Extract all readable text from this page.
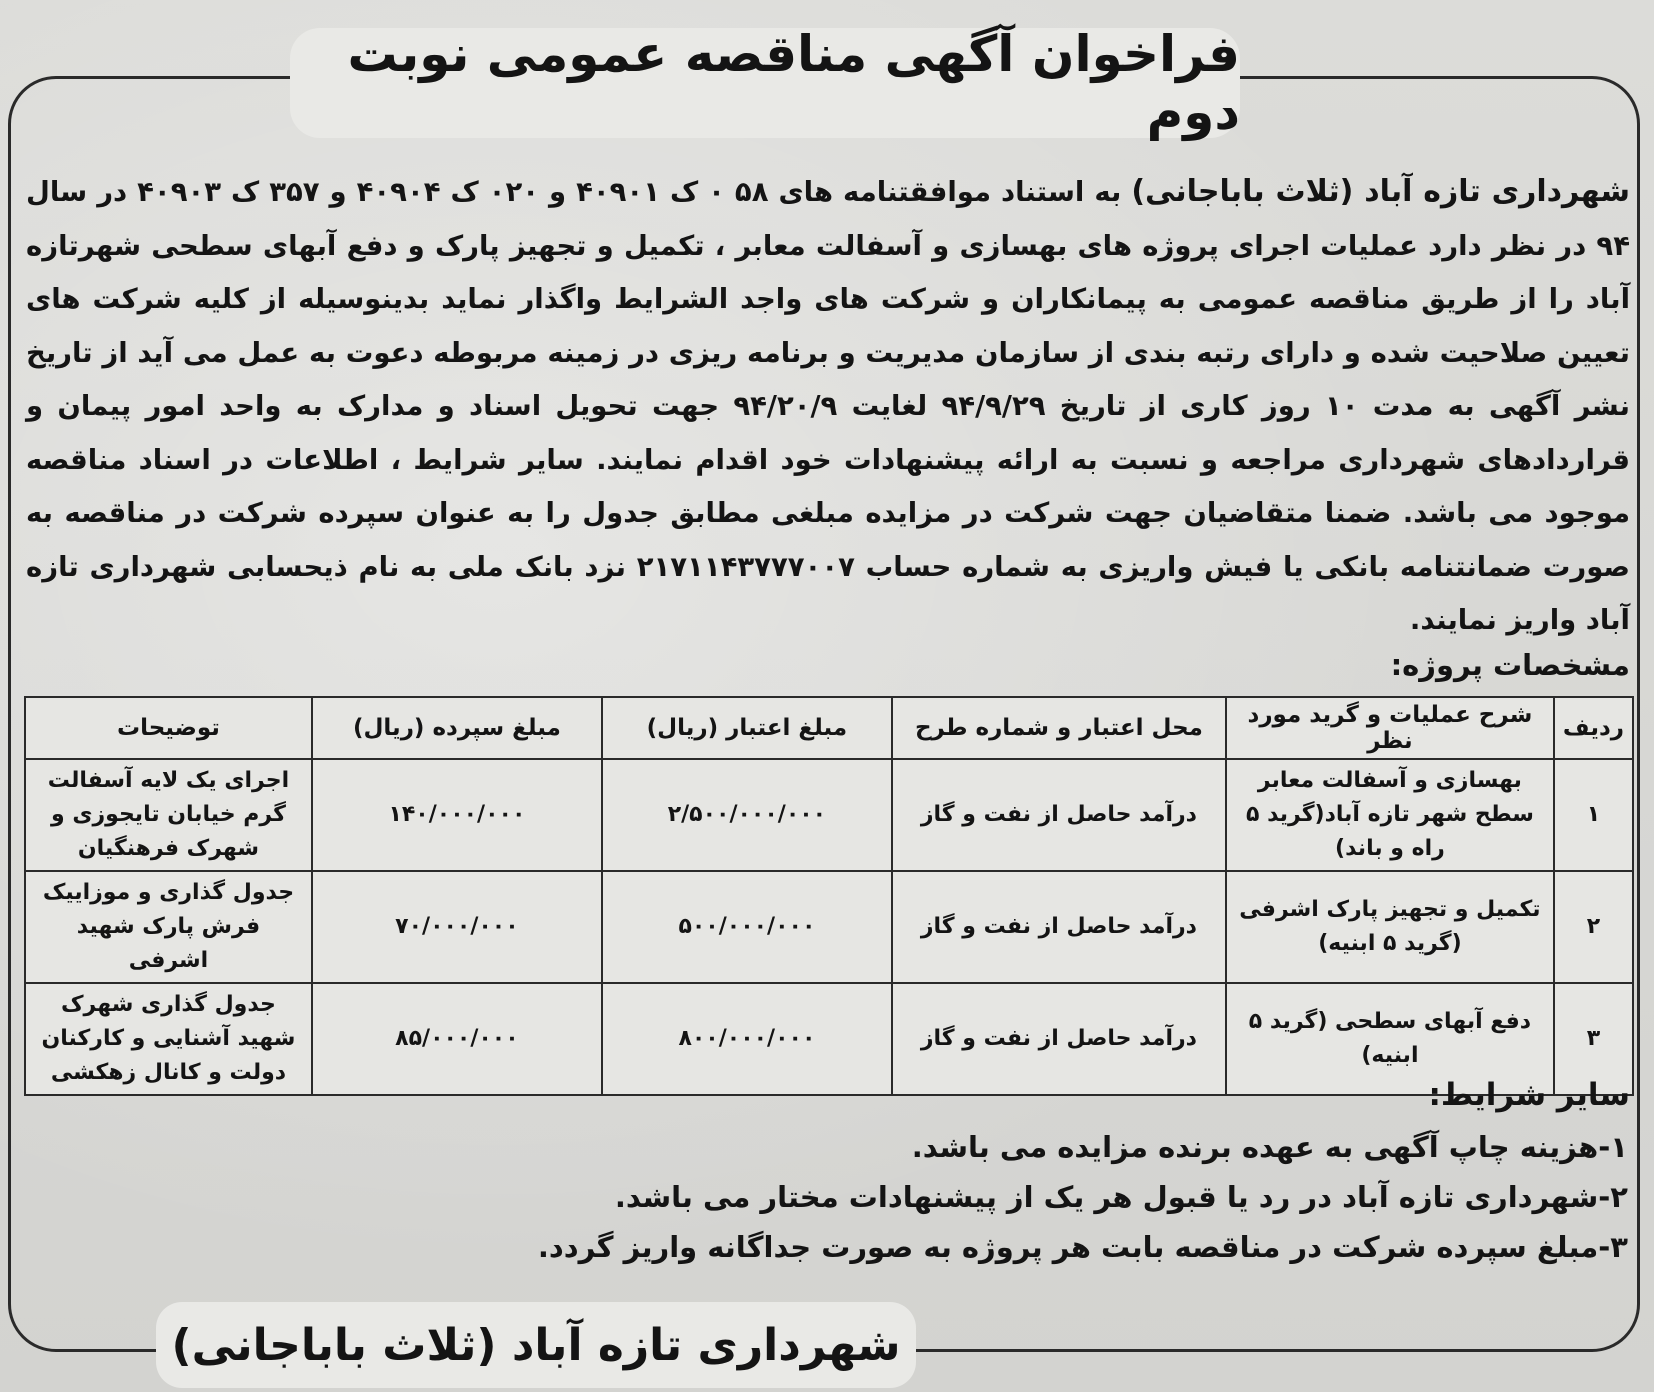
فراخوان آگهی مناقصه عمومی نوبت دوم

شهرداری تازه آباد (ثلاث باباجانی) به استناد موافقتنامه های ۵۸ ۰ ک ۴۰۹۰۱ و ۰۲۰ ک ۴۰۹۰۴ و ۳۵۷ ک ۴۰۹۰۳ در سال ۹۴ در نظر دارد عملیات اجرای پروژه های بهسازی و آسفالت معابر ، تکمیل و تجهیز پارک و دفع آبهای سطحی شهرتازه آباد را از طریق مناقصه عمومی به پیمانکاران و شرکت های واجد الشرایط واگذار نماید بدینوسیله از کلیه شرکت های تعیین صلاحیت شده و دارای رتبه بندی از سازمان مدیریت و برنامه ریزی در زمینه مربوطه دعوت به عمل می آید از تاریخ نشر آگهی به مدت ۱۰ روز کاری از تاریخ ۹۴/۹/۲۹ لغایت ۹۴/۲۰/۹ جهت تحویل اسناد و مدارک به واحد امور پیمان و قراردادهای شهرداری مراجعه و نسبت به ارائه پیشنهادات خود اقدام نمایند. سایر شرایط ، اطلاعات در اسناد مناقصه موجود می باشد. ضمنا متقاضیان جهت شرکت در مزایده مبلغی مطابق جدول را به عنوان سپرده شرکت در مناقصه به صورت ضمانتنامه بانکی یا فیش واریزی به شماره حساب ۲۱۷۱۱۴۳۷۷۷۰۰۷ نزد بانک ملی به نام ذیحسابی شهرداری تازه آباد واریز نمایند.

مشخصات پروژه:
ردیف	شرح عملیات و گرید مورد نظر	محل اعتبار و شماره طرح	مبلغ اعتبار (ریال)	مبلغ سپرده (ریال)	توضیحات
۱	بهسازی و آسفالت معابر سطح شهر تازه آباد(گرید ۵ راه و باند)	درآمد حاصل از نفت و گاز	۲/۵۰۰/۰۰۰/۰۰۰	۱۴۰/۰۰۰/۰۰۰	اجرای یک لایه آسفالت گرم خیابان تایجوزی و شهرک فرهنگیان
۲	تکمیل و تجهیز پارک اشرفی (گرید ۵ ابنیه)	درآمد حاصل از نفت و گاز	۵۰۰/۰۰۰/۰۰۰	۷۰/۰۰۰/۰۰۰	جدول گذاری و موزاییک فرش پارک شهید اشرفی
۳	دفع آبهای سطحی (گرید ۵ ابنیه)	درآمد حاصل از نفت و گاز	۸۰۰/۰۰۰/۰۰۰	۸۵/۰۰۰/۰۰۰	جدول گذاری شهرک شهید آشنایی و کارکنان دولت و کانال زهکشی
سایر شرایط:
۱-هزینه چاپ آگهی به عهده برنده مزایده می باشد.
۲-شهرداری تازه آباد در رد یا قبول هر یک از پیشنهادات مختار می باشد.
۳-مبلغ سپرده شرکت در مناقصه بابت هر پروژه به صورت جداگانه واریز گردد.

شهرداری تازه آباد (ثلاث باباجانی)
